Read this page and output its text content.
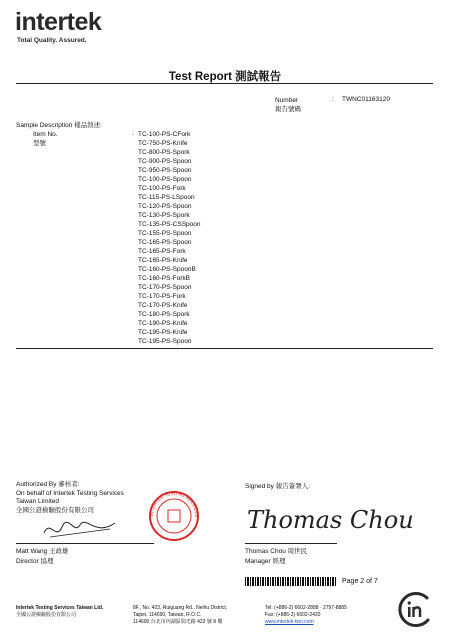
intertek
Total Quality. Assured.
Test Report 測試報告
Number
報告號碼
: TWNC01163120
Sample Description 樣品敘述:
Item No.
型號
: TC-100-PS-CFork
TC-750-PS-Knife
TC-800-PS-Spork
TC-900-PS-Spoon
TC-950-PS-Spoon
TC-100-PS-Spoon
TC-100-PS-Fork
TC-115-PS-LSpoon
TC-120-PS-Spoon
TC-130-PS-Spork
TC-135-PS-CSSpoon
TC-155-PS-Spoon
TC-165-PS-Spoon
TC-165-PS-Fork
TC-165-PS-Knife
TC-160-PS-SpoonB
TC-160-PS-ForkB
TC-170-PS-Spoon
TC-170-PS-Fork
TC-170-PS-Knife
TC-180-PS-Spork
TC-190-PS-Knife
TC-195-PS-Knife
TC-195-PS-Spoon
Authorized By 審核者:
On behalf of Intertek Testing Services
Taiwan Limited
全國公證檢驗股份有限公司
Signed by 報告簽署人:
INTERTEK TESTING SERVICES Thomas Chou
Matt Wang 王政雄
Director 協理
Thomas Chou 周世民
Manager 經理
Page 2 of 7
Intertek Testing Services Taiwan Ltd.
全國公證檢驗股份有限公司
8F., No. 423, Ruiguang Rd., Neihu District,
Taipei, 114690, Taiwan, R.O.C.
114690 台北市內湖區瑞光路 423 號 8 樓
Tel: (+886-2) 6602-2888 · 2797-8885
Fax: (+886-2) 6602-2420
www.intertek-twn.com
